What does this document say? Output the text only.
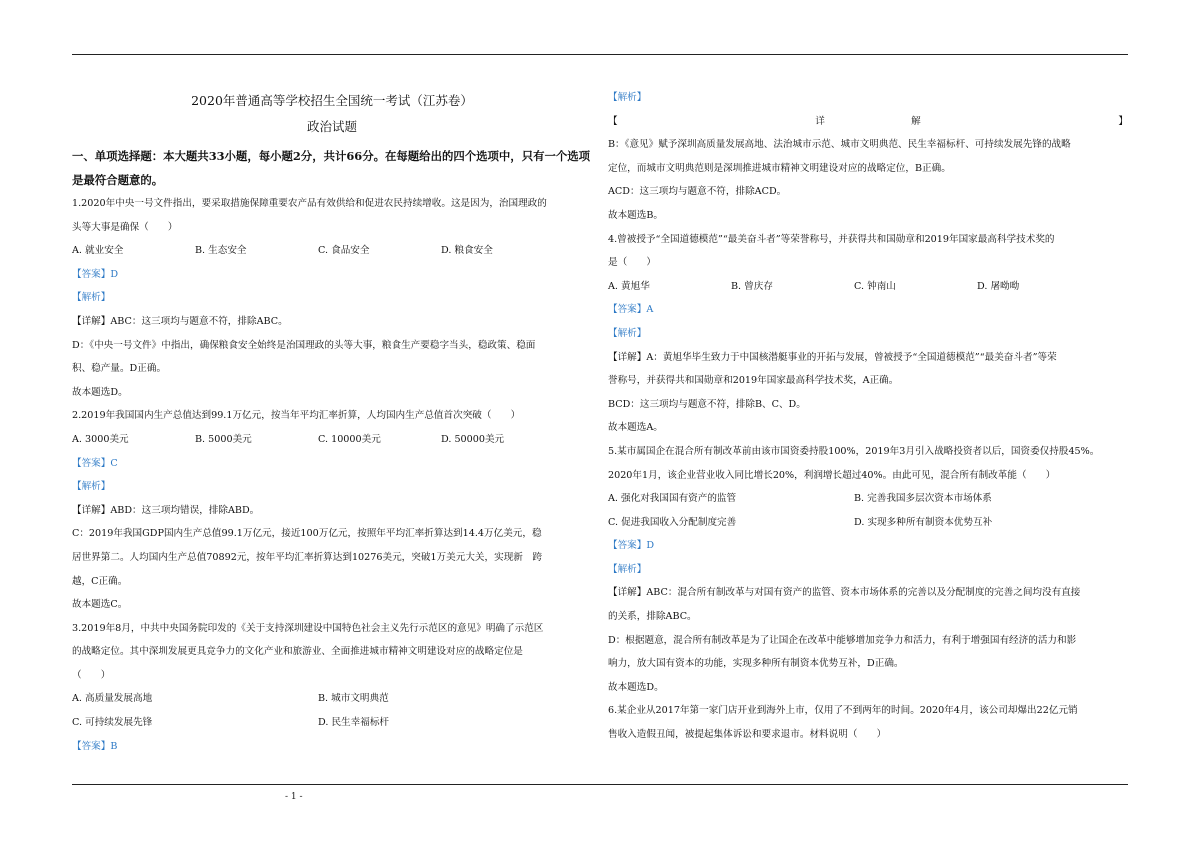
2020年普通高等学校招生全国统一考试（江苏卷）
政治试题
一、单项选择题：本大题共33小题，每小题2分，共计66分。在每题给出的四个选项中，只有一个选项是最符合题意的。
1.2020年中央一号文件指出，要采取措施保障重要农产品有效供给和促进农民持续增收。这是因为，治国理政的
头等大事是确保（　　）
A. 就业安全	B. 生态安全	C. 食品安全	D. 粮食安全
【答案】D
【解析】
【详解】ABC：这三项均与题意不符，排除ABC。
D：《中央一号文件》中指出，确保粮食安全始终是治国理政的头等大事，粮食生产要稳字当头，稳政策、稳面
积、稳产量。D正确。
故本题选D。
2.2019年我国国内生产总值达到99.1万亿元，按当年平均汇率折算，人均国内生产总值首次突破（　　）
A. 3000美元	B. 5000美元	C. 10000美元	D. 50000美元
【答案】C
【解析】
【详解】ABD：这三项均错误，排除ABD。
C：2019年我国GDP国内生产总值99.1万亿元，接近100万亿元，按照年平均汇率折算达到14.4万亿美元，稳
居世界第二。人均国内生产总值70892元，按年平均汇率折算达到10276美元，突破1万美元大关，实现新　跨
越，C正确。
故本题选C。
3.2019年8月，中共中央国务院印发的《关于支持深圳建设中国特色社会主义先行示范区的意见》明确了示范区
的战略定位。其中深圳发展更具竞争力的文化产业和旅游业、全面推进城市精神文明建设对应的战略定位是
（　　）
A. 高质量发展高地	B. 城市文明典范
C. 可持续发展先锋	D. 民生幸福标杆
【答案】B
【解析】
【	详　　　　　　　　　解	】
B：《意见》赋予深圳高质量发展高地、法治城市示范、城市文明典范、民生幸福标杆、可持续发展先锋的战略
定位，而城市文明典范则是深圳推进城市精神文明建设对应的战略定位，B正确。
ACD：这三项均与题意不符，排除ACD。
故本题选B。
4.曾被授予“全国道德模范”“最美奋斗者”等荣誉称号，并获得共和国勋章和2019年国家最高科学技术奖的
是（　　）
A. 黄旭华	B. 曾庆存	C. 钟南山	D. 屠呦呦
【答案】A
【解析】
【详解】A：黄旭华毕生致力于中国核潜艇事业的开拓与发展，曾被授予“全国道德模范”“最美奋斗者”等荣
誉称号，并获得共和国勋章和2019年国家最高科学技术奖，A正确。
BCD：这三项均与题意不符，排除B、C、D。
故本题选A。
5.某市属国企在混合所有制改革前由该市国资委持股100%，2019年3月引入战略投资者以后，国资委仅持股45%。
2020年1月，该企业营业收入同比增长20%，利润增长超过40%。由此可见，混合所有制改革能（　　）
A. 强化对我国国有资产的监管	B. 完善我国多层次资本市场体系
C. 促进我国收入分配制度完善	D. 实现多种所有制资本优势互补
【答案】D
【解析】
【详解】ABC：混合所有制改革与对国有资产的监管、资本市场体系的完善以及分配制度的完善之间均没有直接
的关系，排除ABC。
D：根据题意，混合所有制改革是为了让国企在改革中能够增加竞争力和活力，有利于增强国有经济的活力和影
响力，放大国有资本的功能，实现多种所有制资本优势互补，D正确。
故本题选D。
6.某企业从2017年第一家门店开业到海外上市，仅用了不到两年的时间。2020年4月，该公司却爆出22亿元销
售收入造假丑闻，被提起集体诉讼和要求退市。材料说明（　　）
- 1 -
